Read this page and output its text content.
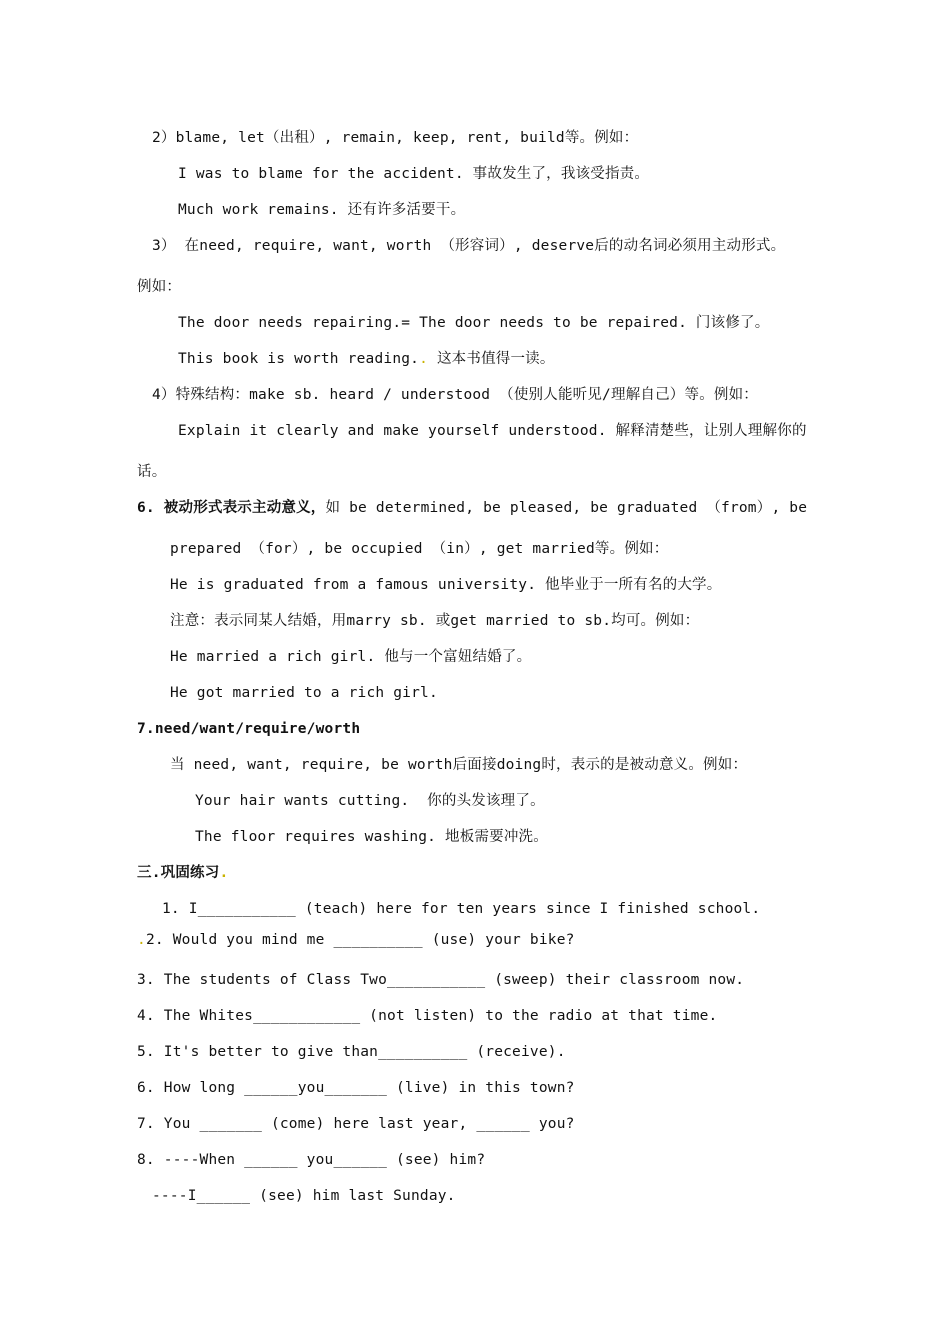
2）blame, let（出租）, remain, keep, rent, build等。例如：
I was to blame for the accident. 事故发生了，我该受指责。
Much work remains. 还有许多活要干。
3） 在need, require, want, worth （形容词）, deserve后的动名词必须用主动形式。
例如：
The door needs repairing.= The door needs to be repaired. 门该修了。
This book is worth reading.. 这本书值得一读。
4）特殊结构：make sb. heard / understood （使别人能听见/理解自己）等。例如：
Explain it clearly and make yourself understood. 解释清楚些，让别人理解你的
话。
6. 被动形式表示主动意义，如 be determined, be pleased, be graduated （from）, be
prepared （for）, be occupied （in）, get married等。例如：
He is graduated from a famous university. 他毕业于一所有名的大学。
注意：表示同某人结婚，用marry sb. 或get married to sb.均可。例如：
He married a rich girl. 他与一个富妞结婚了。
He got married to a rich girl.
7.need/want/require/worth
当 need, want, require, be worth后面接doing时，表示的是被动意义。例如：
Your hair wants cutting.  你的头发该理了。
The floor requires washing. 地板需要冲洗。
三.巩固练习.
1. I___________ (teach) here for ten years since I finished school.
.2. Would you mind me __________ (use) your bike?
3. The students of Class Two___________ (sweep) their classroom now.
4. The Whites____________ (not listen) to the radio at that time.
5. It's better to give than__________ (receive).
6. How long ______you_______ (live) in this town?
7. You _______ (come) here last year, ______ you?
8. ----When ______ you______ (see) him?
----I______ (see) him last Sunday.
